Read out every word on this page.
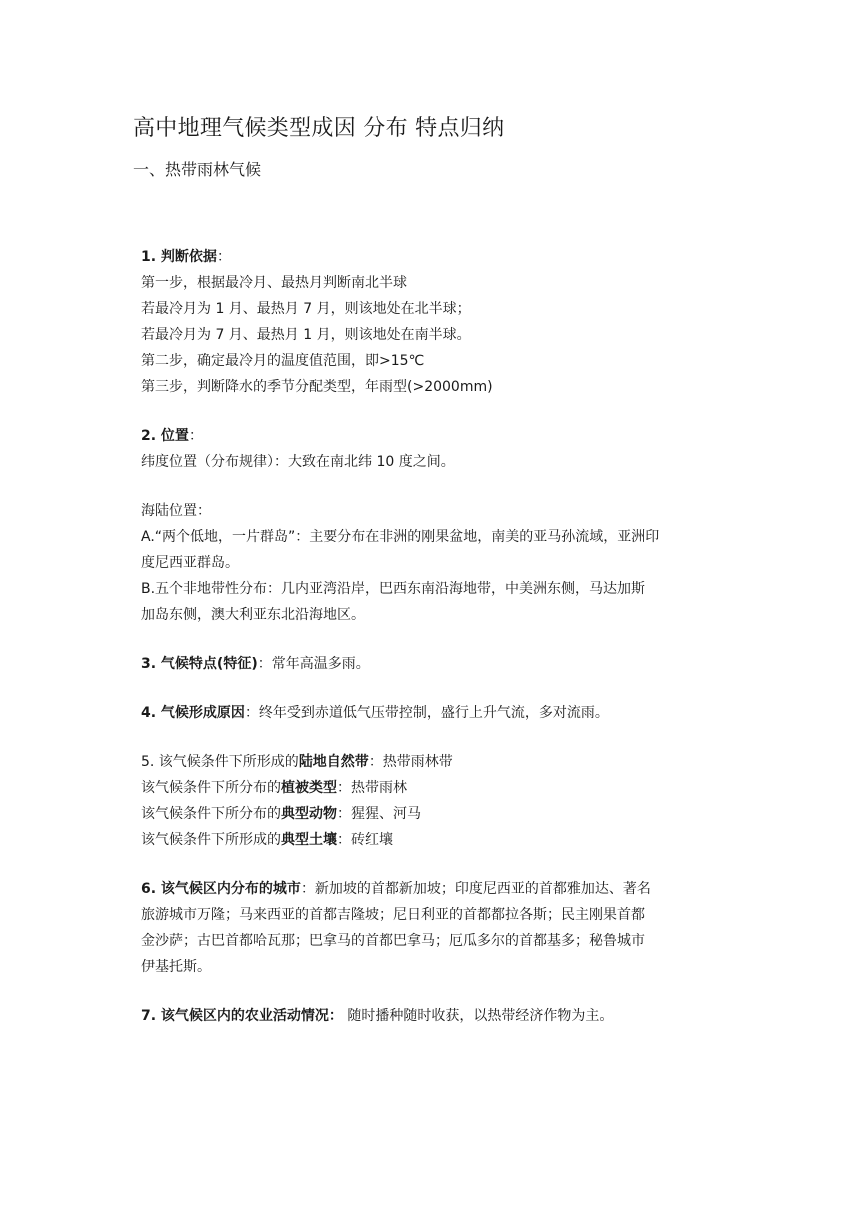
高中地理气候类型成因 分布 特点归纳
一、热带雨林气候

1. 判断依据：

第一步，根据最冷月、最热月判断南北半球

若最冷月为 1 月、最热月 7 月，则该地处在北半球；

若最冷月为 7 月、最热月 1 月，则该地处在南半球。

第二步，确定最冷月的温度值范围，即>15℃

第三步，判断降水的季节分配类型，年雨型(>2000mm)

2. 位置：

纬度位置（分布规律）：大致在南北纬 10 度之间。

海陆位置：

A.“两个低地，一片群岛”：主要分布在非洲的刚果盆地，南美的亚马孙流域，亚洲印

度尼西亚群岛。

B.五个非地带性分布：几内亚湾沿岸，巴西东南沿海地带，中美洲东侧，马达加斯

加岛东侧，澳大利亚东北沿海地区。

3. 气候特点(特征)：常年高温多雨。

4. 气候形成原因：终年受到赤道低气压带控制，盛行上升气流，多对流雨。

5. 该气候条件下所形成的陆地自然带：热带雨林带

该气候条件下所分布的植被类型：热带雨林

该气候条件下所分布的典型动物：猩猩、河马

该气候条件下所形成的典型土壤：砖红壤

6. 该气候区内分布的城市：新加坡的首都新加坡；印度尼西亚的首都雅加达、著名

旅游城市万隆；马来西亚的首都吉隆坡；尼日利亚的首都都拉各斯；民主刚果首都

金沙萨；古巴首都哈瓦那；巴拿马的首都巴拿马；厄瓜多尔的首都基多；秘鲁城市

伊基托斯。

7. 该气候区内的农业活动情况： 随时播种随时收获，以热带经济作物为主。
